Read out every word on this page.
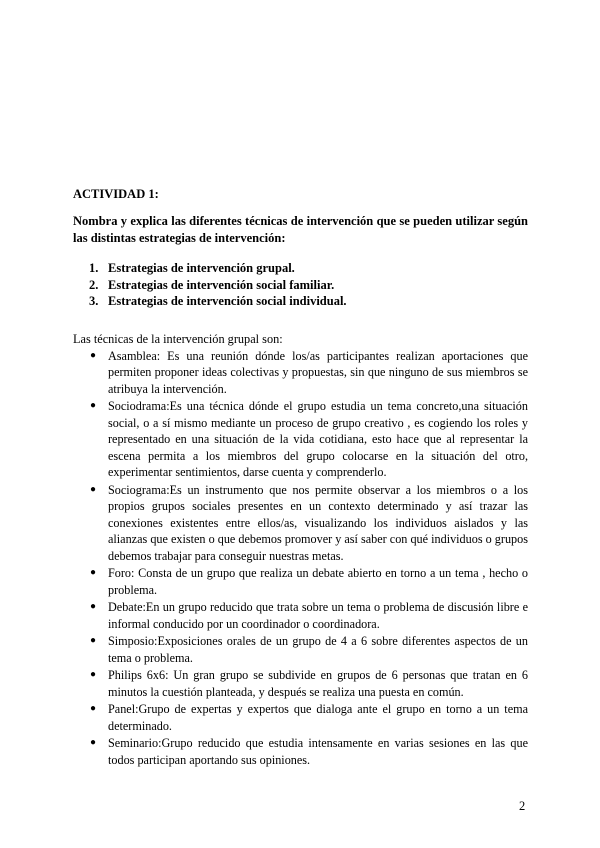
ACTIVIDAD 1:

Nombra y explica las diferentes técnicas de intervención que se pueden utilizar según las distintas estrategias de intervención:

1. Estrategias de intervención grupal.
2. Estrategias de intervención social familiar.
3. Estrategias de intervención social individual.

Las técnicas de la intervención grupal son:

● Asamblea: Es una reunión dónde los/as participantes realizan aportaciones que permiten proponer ideas colectivas y propuestas, sin que ninguno de sus miembros se atribuya la intervención.
● Sociodrama:Es una técnica dónde el grupo estudia un tema concreto,una situación social, o a sí mismo mediante un proceso de grupo creativo , es cogiendo los roles y representado en una situación de la vida cotidiana, esto hace que al representar la escena permita a los miembros del grupo colocarse en la situación del otro, experimentar sentimientos, darse cuenta y comprenderlo.
● Sociograma:Es un instrumento que nos permite observar a los miembros o a los propios grupos sociales presentes en un contexto determinado y así trazar las conexiones existentes entre ellos/as, visualizando los individuos aislados y las alianzas que existen o que debemos promover y así saber con qué individuos o grupos debemos trabajar para conseguir nuestras metas.
● Foro: Consta de un grupo que realiza un debate abierto en torno a un tema , hecho o problema.
● Debate:En un grupo reducido que trata sobre un tema o problema de discusión libre e informal conducido por un coordinador o coordinadora.
● Simposio:Exposiciones orales de un grupo de 4 a 6 sobre diferentes aspectos de un tema o problema.
● Philips 6x6: Un gran grupo se subdivide en grupos de 6 personas que tratan en 6 minutos la cuestión planteada, y después se realiza una puesta en común.
● Panel:Grupo de expertas y expertos que dialoga ante el grupo en torno a un tema determinado.
● Seminario:Grupo reducido que estudia intensamente en varias sesiones en las que todos participan aportando sus opiniones.
2
